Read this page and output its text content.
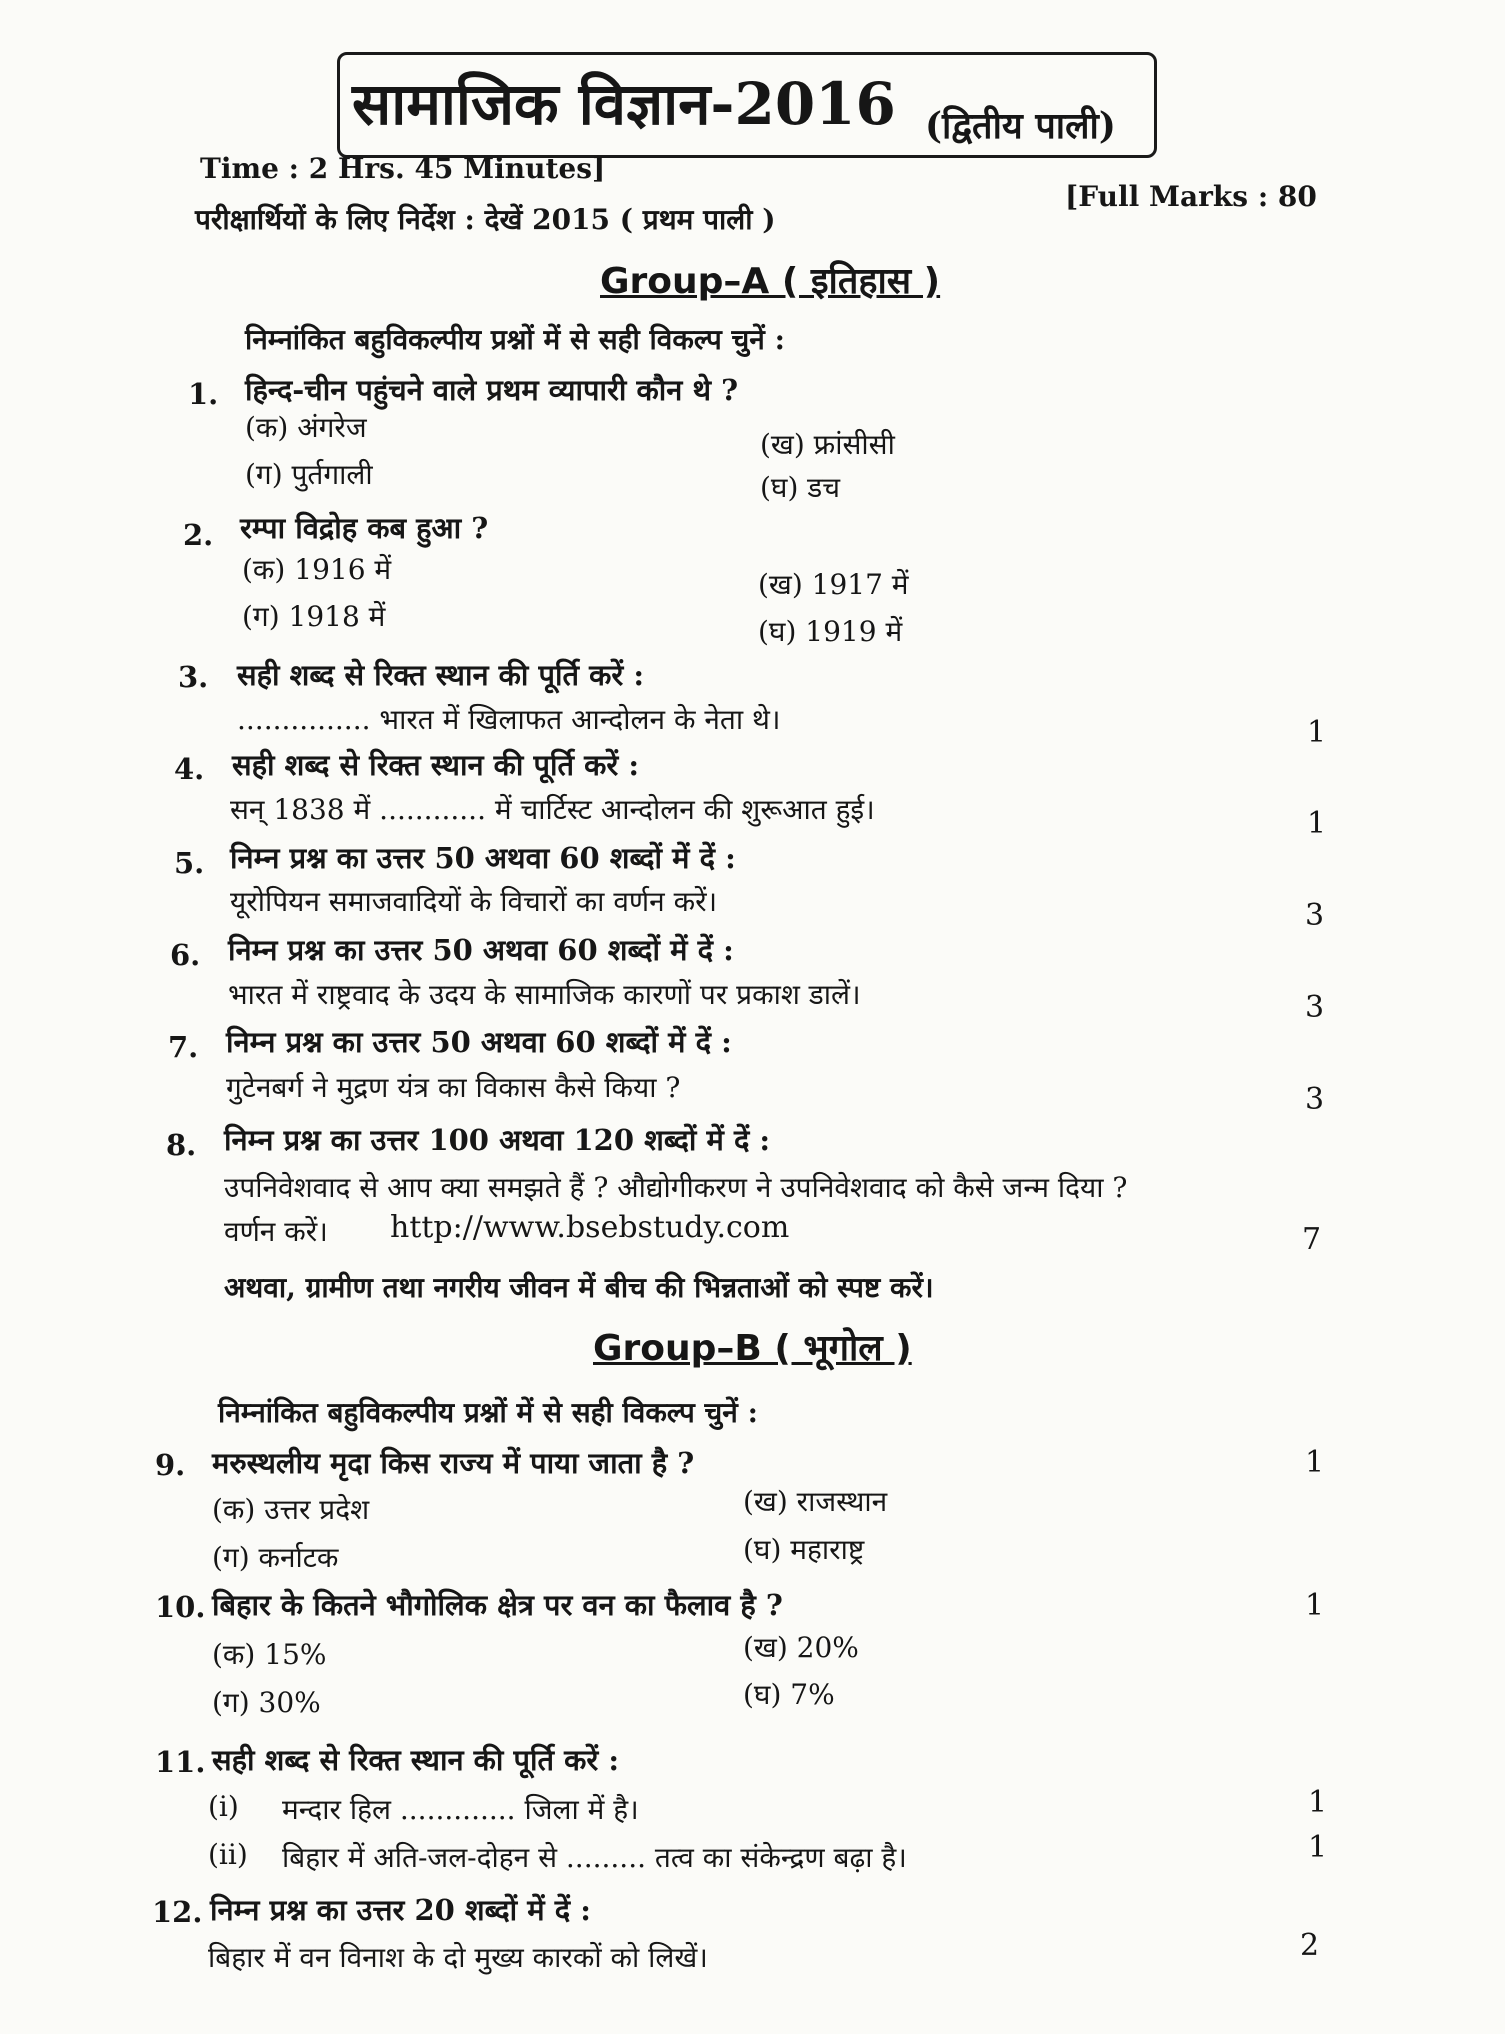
सामाजिक विज्ञान-2016 (द्वितीय पाली)
Time : 2 Hrs. 45 Minutes]
[Full Marks : 80
परीक्षार्थियों के लिए निर्देश : देखें 2015 ( प्रथम पाली )
Group–A ( इतिहास )
निम्नांकित बहुविकल्पीय प्रश्नों में से सही विकल्प चुनें :
1. हिन्द-चीन पहुंचने वाले प्रथम व्यापारी कौन थे ?
(क) अंगरेज
(ख) फ्रांसीसी
(ग) पुर्तगाली	(घ) डच
2. रम्पा विद्रोह कब हुआ ?
(क) 1916 में	(ख) 1917 में
(ग) 1918 में	(घ) 1919 में
3. सही शब्द से रिक्त स्थान की पूर्ति करें :
............... भारत में खिलाफत आन्दोलन के नेता थे।	1
4. सही शब्द से रिक्त स्थान की पूर्ति करें :
सन् 1838 में ............ में चार्टिस्ट आन्दोलन की शुरूआत हुई।	1
5. निम्न प्रश्न का उत्तर 50 अथवा 60 शब्दों में दें :
यूरोपियन समाजवादियों के विचारों का वर्णन करें।	3
6. निम्न प्रश्न का उत्तर 50 अथवा 60 शब्दों में दें :
भारत में राष्ट्रवाद के उदय के सामाजिक कारणों पर प्रकाश डालें।	3
7. निम्न प्रश्न का उत्तर 50 अथवा 60 शब्दों में दें :
गुटेनबर्ग ने मुद्रण यंत्र का विकास कैसे किया ?	3
8. निम्न प्रश्न का उत्तर 100 अथवा 120 शब्दों में दें :
उपनिवेशवाद से आप क्या समझते हैं ? औद्योगीकरण ने उपनिवेशवाद को कैसे जन्म दिया ?
वर्णन करें। http://www.bsebstudy.com	7
अथवा, ग्रामीण तथा नगरीय जीवन में बीच की भिन्नताओं को स्पष्ट करें।
Group–B ( भूगोल )
निम्नांकित बहुविकल्पीय प्रश्नों में से सही विकल्प चुनें :
9. मरुस्थलीय मृदा किस राज्य में पाया जाता है ?	1
(क) उत्तर प्रदेश	(ख) राजस्थान
(ग) कर्नाटक	(घ) महाराष्ट्र
10. बिहार के कितने भौगोलिक क्षेत्र पर वन का फैलाव है ?	1
(क) 15%	(ख) 20%
(ग) 30%	(घ) 7%
11. सही शब्द से रिक्त स्थान की पूर्ति करें :
(i) मन्दार हिल ............. जिला में है।	1
(ii) बिहार में अति-जल-दोहन से ......... तत्व का संकेन्द्रण बढ़ा है।	1
12. निम्न प्रश्न का उत्तर 20 शब्दों में दें :
बिहार में वन विनाश के दो मुख्य कारकों को लिखें।	2
